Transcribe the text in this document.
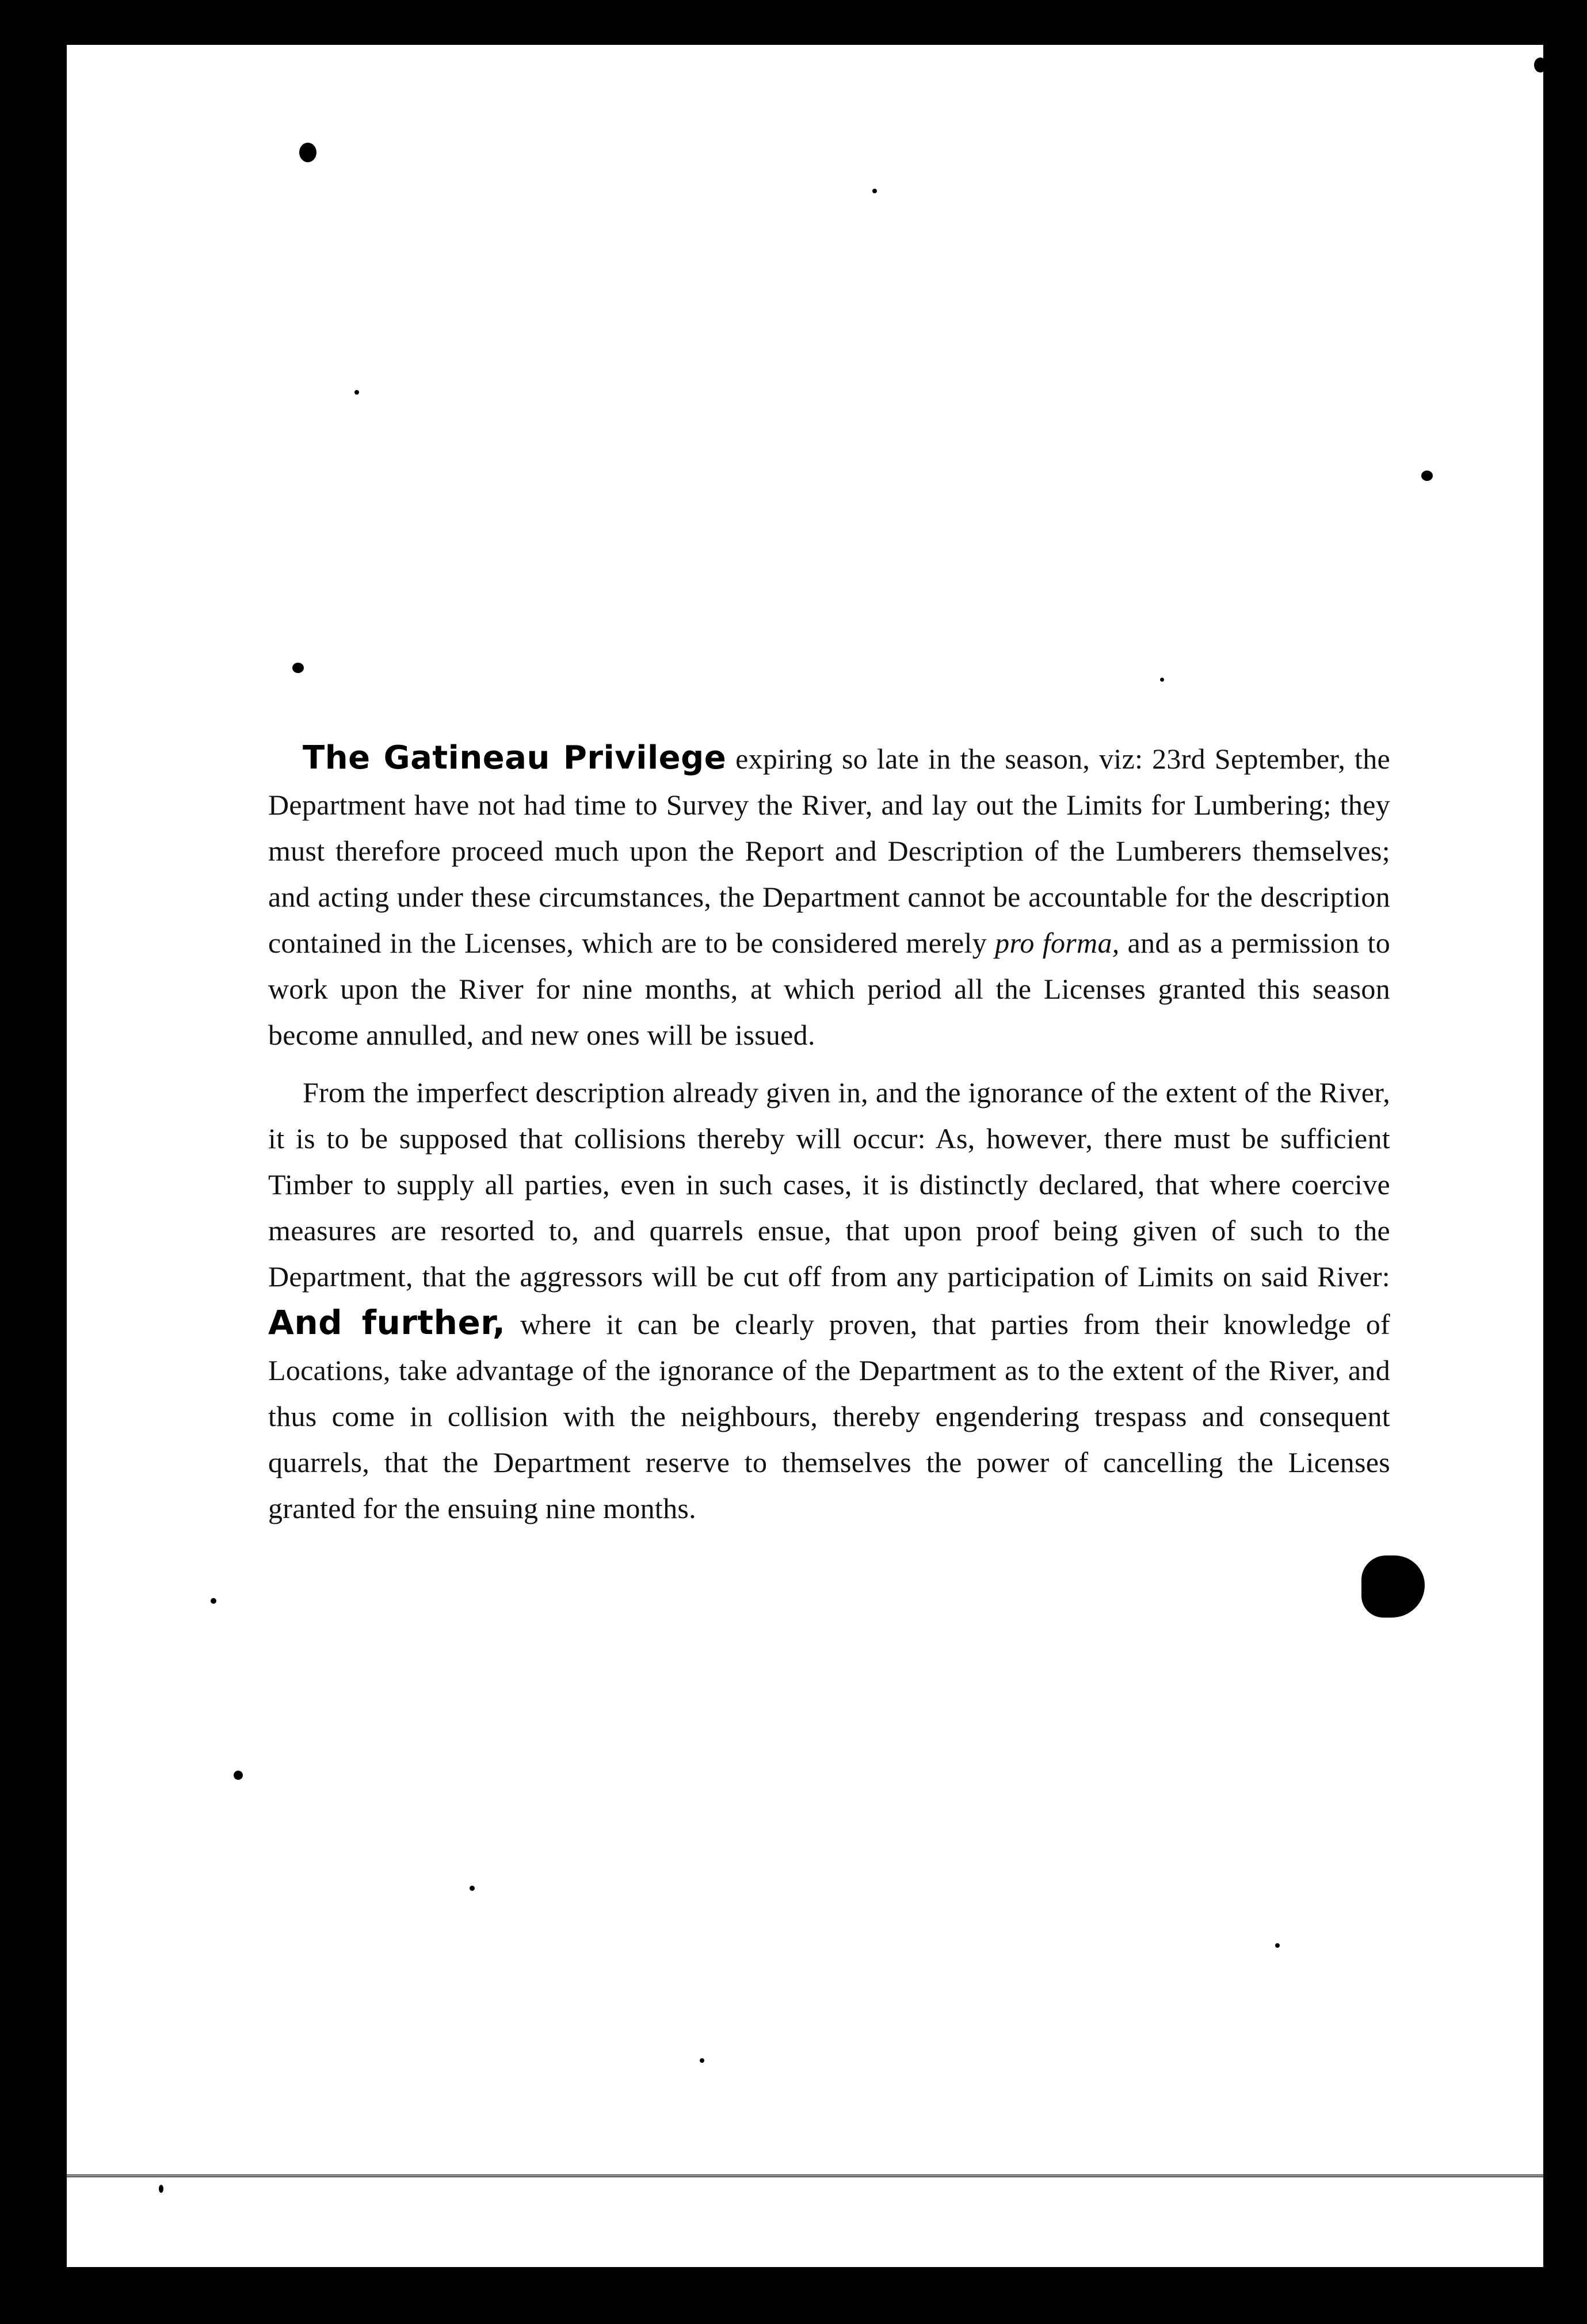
The Gatineau Privilege expiring so late in the season, viz: 23rd September, the Department have not had time to Survey the River, and lay out the Limits for Lumbering; they must therefore proceed much upon the Report and Description of the Lumberers themselves; and acting under these circumstances, the Department cannot be accountable for the description contained in the Licenses, which are to be considered merely pro forma, and as a permission to work upon the River for nine months, at which period all the Licenses granted this season become annulled, and new ones will be issued.

From the imperfect description already given in, and the ignorance of the extent of the River, it is to be supposed that collisions thereby will occur: As, however, there must be sufficient Timber to supply all parties, even in such cases, it is distinctly declared, that where coercive measures are resorted to, and quarrels ensue, that upon proof being given of such to the Department, that the aggressors will be cut off from any participation of Limits on said River: And further, where it can be clearly proven, that parties from their knowledge of Locations, take advantage of the ignorance of the Department as to the extent of the River, and thus come in collision with the neighbours, thereby engendering trespass and consequent quarrels, that the Department reserve to themselves the power of cancelling the Licenses granted for the ensuing nine months.
